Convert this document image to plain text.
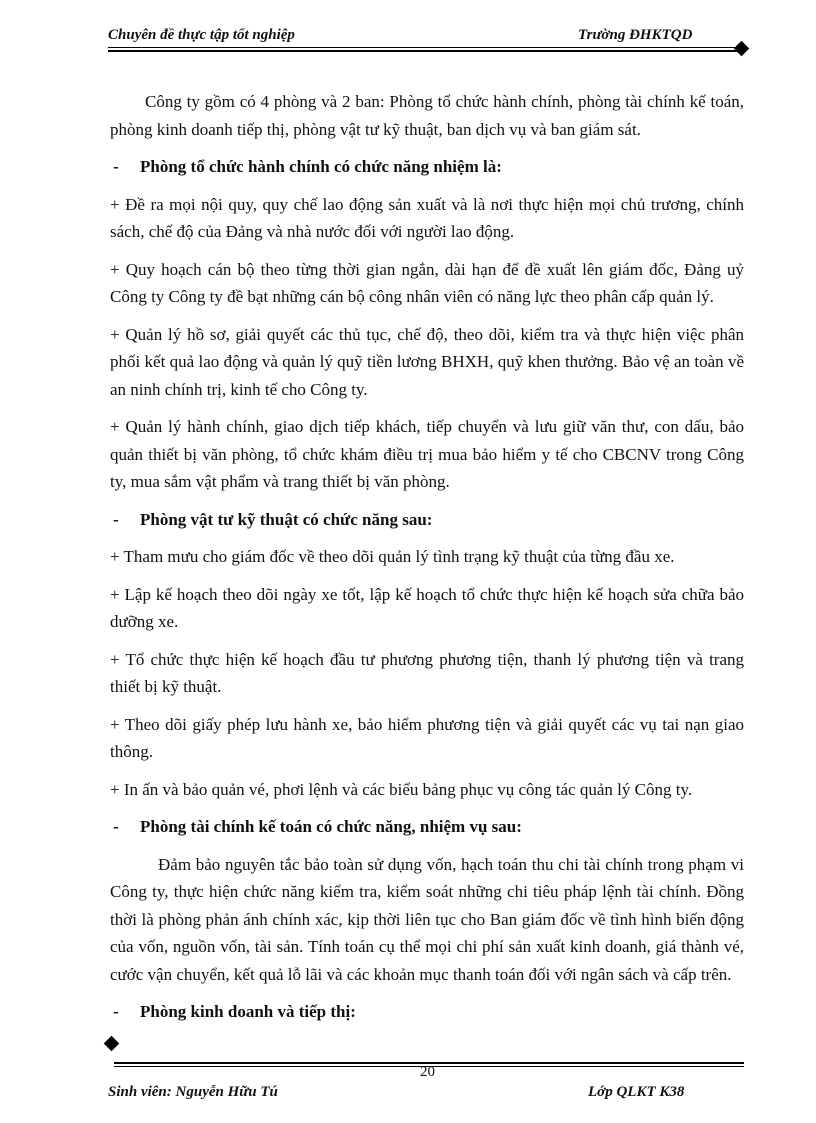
Chuyên đề thực tập tốt nghiệp	Trường ĐHKTQD

Công ty gồm có 4 phòng và 2 ban: Phòng tổ chức hành chính, phòng tài chính kế toán, phòng kinh doanh tiếp thị, phòng vật tư kỹ thuật, ban dịch vụ và ban giám sát.

-	Phòng tổ chức hành chính có chức năng nhiệm là:

+ Đề ra mọi nội quy, quy chế lao động sản xuất và là nơi thực hiện mọi chủ trương, chính sách, chế độ của Đảng và nhà nước đối với người lao động.

+ Quy hoạch cán bộ theo từng thời gian ngắn, dài hạn để đề xuất lên giám đốc, Đảng uỷ Công ty Công ty đề bạt những cán bộ công nhân viên có năng lực theo phân cấp quản lý.

+ Quản lý hồ sơ, giải quyết các thủ tục, chế độ, theo dõi, kiểm tra và thực hiện việc phân phối kết quả lao động và quản lý quỹ tiền lương BHXH, quỹ khen thưởng. Bảo vệ an toàn về an ninh chính trị, kinh tế cho Công ty.

+ Quản lý hành chính, giao dịch tiếp khách, tiếp chuyển và lưu giữ văn thư, con dấu, bảo quản thiết bị văn phòng, tổ chức khám điều trị mua bảo hiểm y tế cho CBCNV trong Công ty, mua sắm vật phẩm và trang thiết bị văn phòng.

-	Phòng vật tư kỹ thuật có chức năng sau:

+ Tham mưu cho giám đốc về theo dõi quản lý tình trạng kỹ thuật của từng đầu xe.

+ Lập kế hoạch theo dõi ngày xe tốt, lập kế hoạch tổ chức thực hiện kế hoạch sửa chữa bảo dưỡng xe.

+ Tổ chức thực hiện kế hoạch đầu tư phương phương tiện, thanh lý phương tiện và trang thiết bị kỹ thuật.

+ Theo dõi giấy phép lưu hành xe, bảo hiểm phương tiện và giải quyết các vụ tai nạn giao thông.

+ In ấn và bảo quản vé, phơi lệnh và các biểu bảng phục vụ công tác quản lý Công ty.

-	Phòng tài chính kế toán có chức năng, nhiệm vụ sau:

Đảm bảo nguyên tắc bảo toàn sử dụng vốn, hạch toán thu chi tài chính trong phạm vi Công ty, thực hiện chức năng kiểm tra, kiểm soát những chi tiêu pháp lệnh tài chính. Đồng thời là phòng phản ánh chính xác, kịp thời liên tục cho Ban giám đốc về tình hình biến động của vốn, nguồn vốn, tài sản. Tính toán cụ thể mọi chi phí sản xuất kinh doanh, giá thành vé, cước vận chuyển, kết quả lỗ lãi và các khoản mục thanh toán đối với ngân sách và cấp trên.

-	Phòng kinh doanh và tiếp thị:
20
Sinh viên: Nguyễn Hữu Tú	Lớp QLKT K38
